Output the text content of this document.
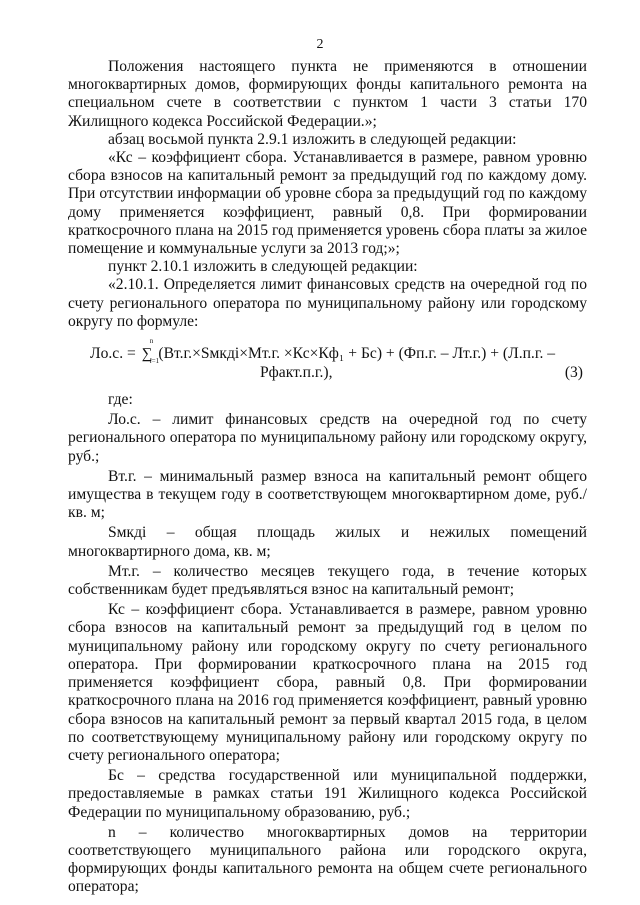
2

Положения настоящего пункта не применяются в отношении многоквартирных домов, формирующих фонды капитального ремонта на специальном счете в соответствии с пунктом 1 части 3 статьи 170 Жилищного кодекса Российской Федерации.»;

абзац восьмой пункта 2.9.1 изложить в следующей редакции:

«Кс – коэффициент сбора. Устанавливается в размере, равном уровню сбора взносов на капитальный ремонт за предыдущий год по каждому дому. При отсутствии информации об уровне сбора за предыдущий год по каждому дому применяется коэффициент, равный 0,8. При формировании краткосрочного плана на 2015 год применяется уровень сбора платы за жилое помещение и коммунальные услуги за 2013 год;»;

пункт 2.10.1 изложить в следующей редакции:

«2.10.1. Определяется лимит финансовых средств на очередной год по счету регионального оператора по муниципальному району или городскому округу по формуле:

Лo.c. = ∑
n
i=1 (Вт.г.×Sмкдi×Мт.г. ×Кс×Кф₁ + Бс) + (Фп.г. – Лт.г.) + (Л.п.г. –
Рфакт.п.г.),	(3)

где:

Ло.с. – лимит финансовых средств на очередной год по счету регионального оператора по муниципальному району или городскому округу, руб.;

Вт.г. – минимальный размер взноса на капитальный ремонт общего имущества в текущем году в соответствующем многоквартирном доме, руб./кв. м;

Sмкдi – общая площадь жилых и нежилых помещений многоквартирного дома, кв. м;

Мт.г. – количество месяцев текущего года, в течение которых собственникам будет предъявляться взнос на капитальный ремонт;

Кс – коэффициент сбора. Устанавливается в размере, равном уровню сбора взносов на капитальный ремонт за предыдущий год в целом по муниципальному району или городскому округу по счету регионального оператора. При формировании краткосрочного плана на 2015 год применяется коэффициент сбора, равный 0,8. При формировании краткосрочного плана на 2016 год применяется коэффициент, равный уровню сбора взносов на капитальный ремонт за первый квартал 2015 года, в целом по соответствующему муниципальному району или городскому округу по счету регионального оператора;

Бс – средства государственной или муниципальной поддержки, предоставляемые в рамках статьи 191 Жилищного кодекса Российской Федерации по муниципальному образованию, руб.;

n – количество многоквартирных домов на территории соответствующего муниципального района или городского округа, формирующих фонды капитального ремонта на общем счете регионального оператора;
